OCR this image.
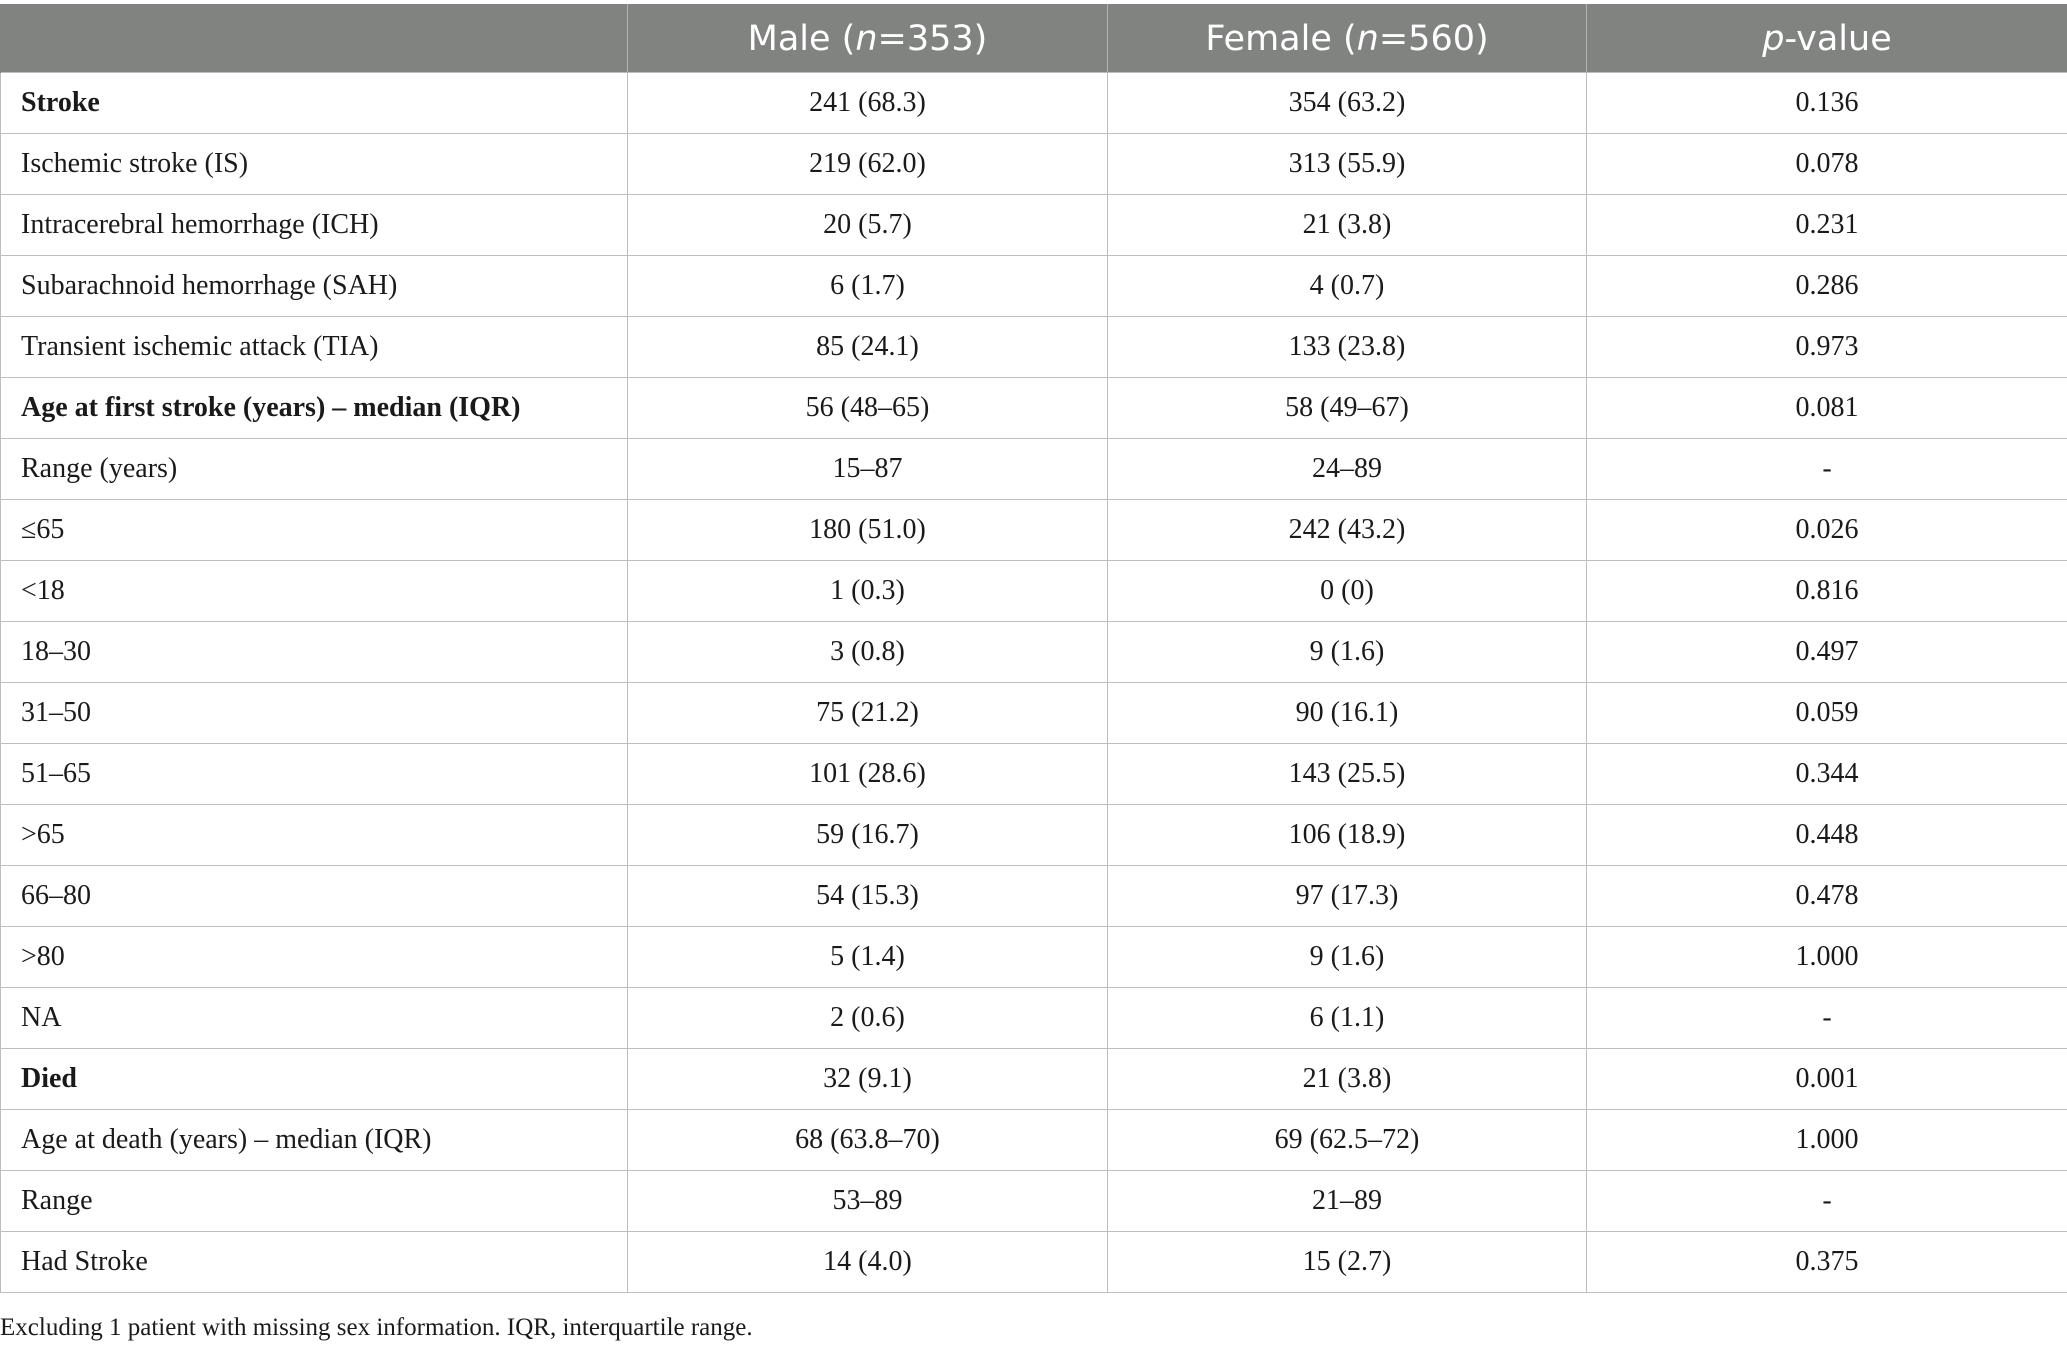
	Male (n=353)	Female (n=560)	p-value
Stroke	241 (68.3)	354 (63.2)	0.136
Ischemic stroke (IS)	219 (62.0)	313 (55.9)	0.078
Intracerebral hemorrhage (ICH)	20 (5.7)	21 (3.8)	0.231
Subarachnoid hemorrhage (SAH)	6 (1.7)	4 (0.7)	0.286
Transient ischemic attack (TIA)	85 (24.1)	133 (23.8)	0.973
Age at first stroke (years) – median (IQR)	56 (48–65)	58 (49–67)	0.081
Range (years)	15–87	24–89	-
≤65	180 (51.0)	242 (43.2)	0.026
<18	1 (0.3)	0 (0)	0.816
18–30	3 (0.8)	9 (1.6)	0.497
31–50	75 (21.2)	90 (16.1)	0.059
51–65	101 (28.6)	143 (25.5)	0.344
>65	59 (16.7)	106 (18.9)	0.448
66–80	54 (15.3)	97 (17.3)	0.478
>80	5 (1.4)	9 (1.6)	1.000
NA	2 (0.6)	6 (1.1)	-
Died	32 (9.1)	21 (3.8)	0.001
Age at death (years) – median (IQR)	68 (63.8–70)	69 (62.5–72)	1.000
Range	53–89	21–89	-
Had Stroke	14 (4.0)	15 (2.7)	0.375
Excluding 1 patient with missing sex information. IQR, interquartile range.
